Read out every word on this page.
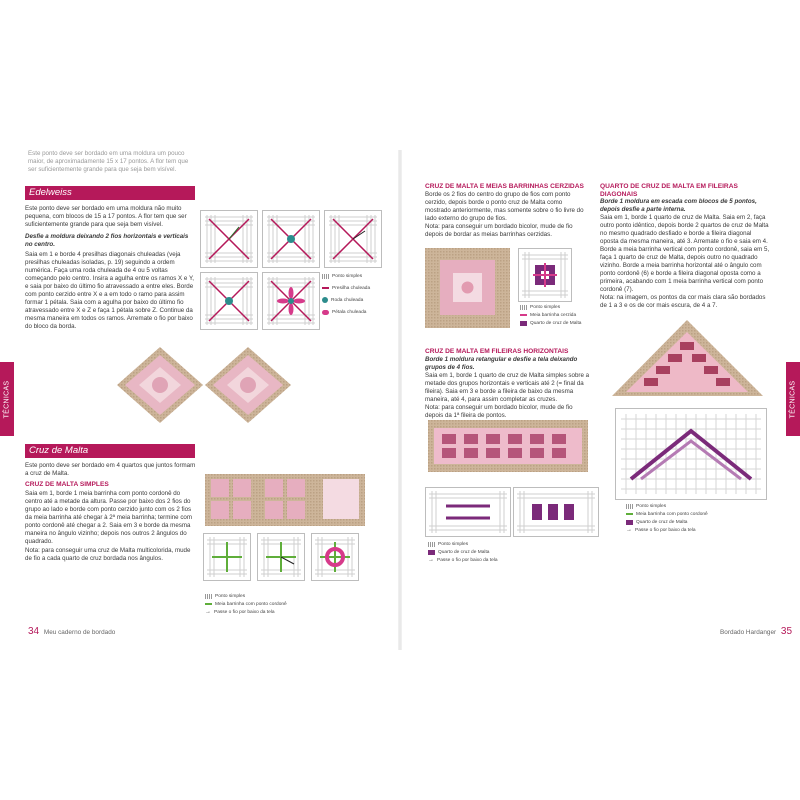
Este ponto deve ser bordado em uma moldura um pouco maior, de aproximadamente 15 x 17 pontos. A flor tem que ser suficientemente grande para que seja bem visível.

Edelweiss

Este ponto deve ser bordado em uma moldura não muito pequena, com blocos de 15 a 17 pontos. A flor tem que ser suficientemente grande para que seja bem visível.

Desfie a moldura deixando 2 fios horizontais e verticais no centro.

Saia em 1 e borde 4 presilhas diagonais chuleadas (veja presilhas chuleadas isoladas, p. 19) seguindo a ordem numérica. Faça uma roda chuleada de 4 ou 5 voltas começando pelo centro. Insira a agulha entre os ramos X e Y, e saia por baixo do último fio atravessado a entre eles. Borde com ponto cerzido entre X e a em todo o ramo para assim formar 1 pétala. Saia com a agulha por baixo do último fio atravessado entre X e Z e faça 1 pétala sobre Z. Continue da mesma maneira em todos os ramos. Arremate o fio por baixo do bloco da borda.

Ponto simples
Presilha chuleada
Roda chuleada
Pétala chuleada
TÉCNICAS
Cruz de Malta

Este ponto deve ser bordado em 4 quartos que juntos formam a cruz de Malta.

CRUZ DE MALTA SIMPLES

Saia em 1, borde 1 meia barrinha com ponto cordonê do centro até a metade da altura. Passe por baixo dos 2 fios do grupo ao lado e borde com ponto cerzido junto com os 2 fios da meia barrinha até chegar à 2ª meia barrinha; termine com ponto cordonê até chegar a 2. Saia em 3 e borde da mesma maneira no ângulo vizinho; depois nos outros 2 ângulos do quadrado.

Nota: para conseguir uma cruz de Malta multicolorida, mude de fio a cada quarto de cruz bordada nos ângulos.

Ponto simples
Meia barrinha com ponto cordonê
→ Passe o fio por baixo da tela
34 Meu caderno de bordado

CRUZ DE MALTA E MEIAS BARRINHAS CERZIDAS

Borde os 2 fios do centro do grupo de fios com ponto cerzido, depois borde o ponto cruz de Malta como mostrado anteriormente, mas somente sobre o fio livre do lado externo do grupo de fios.

Nota: para conseguir um bordado bicolor, mude de fio depois de bordar as meias barrinhas cerzidas.

Ponto simples
Meia barrinha cerzida
Quarto de cruz de Malta

CRUZ DE MALTA EM FILEIRAS HORIZONTAIS

Borde 1 moldura retangular e desfie a tela deixando grupos de 4 fios.

Saia em 1, borde 1 quarto de cruz de Malta simples sobre a metade dos grupos horizontais e verticais até 2 (= final da fileira). Saia em 3 e borde a fileira de baixo da mesma maneira, até 4, para assim completar as cruzes.

Nota: para conseguir um bordado bicolor, mude de fio depois da 1ª fileira de pontos.

Ponto simples
Quarto de cruz de Malta
→ Passe o fio por baixo da tela

QUARTO DE CRUZ DE MALTA EM FILEIRAS DIAGONAIS

Borde 1 moldura em escada com blocos de 5 pontos, depois desfie a parte interna.

Saia em 1, borde 1 quarto de cruz de Malta. Saia em 2, faça outro ponto idêntico, depois borde 2 quartos de cruz de Malta no mesmo quadrado desfiado e borde a fileira diagonal oposta da mesma maneira, até 3. Arremate o fio e saia em 4. Borde a meia barrinha vertical com ponto cordonê, saia em 5, faça 1 quarto de cruz de Malta, depois outro no quadrado vizinho. Borde a meia barrinha horizontal até o ângulo com ponto cordonê (6) e borde a fileira diagonal oposta como a primeira, acabando com 1 meia barrinha vertical com ponto cordonê (7).

Nota: na imagem, os pontos da cor mais clara são bordados de 1 a 3 e os de cor mais escura, de 4 a 7.

Ponto simples
Meia barrinha com ponto cordonê
Quarto de cruz de Malta
→ Passe o fio por baixo da tela
TÉCNICAS
Bordado Hardanger 35
